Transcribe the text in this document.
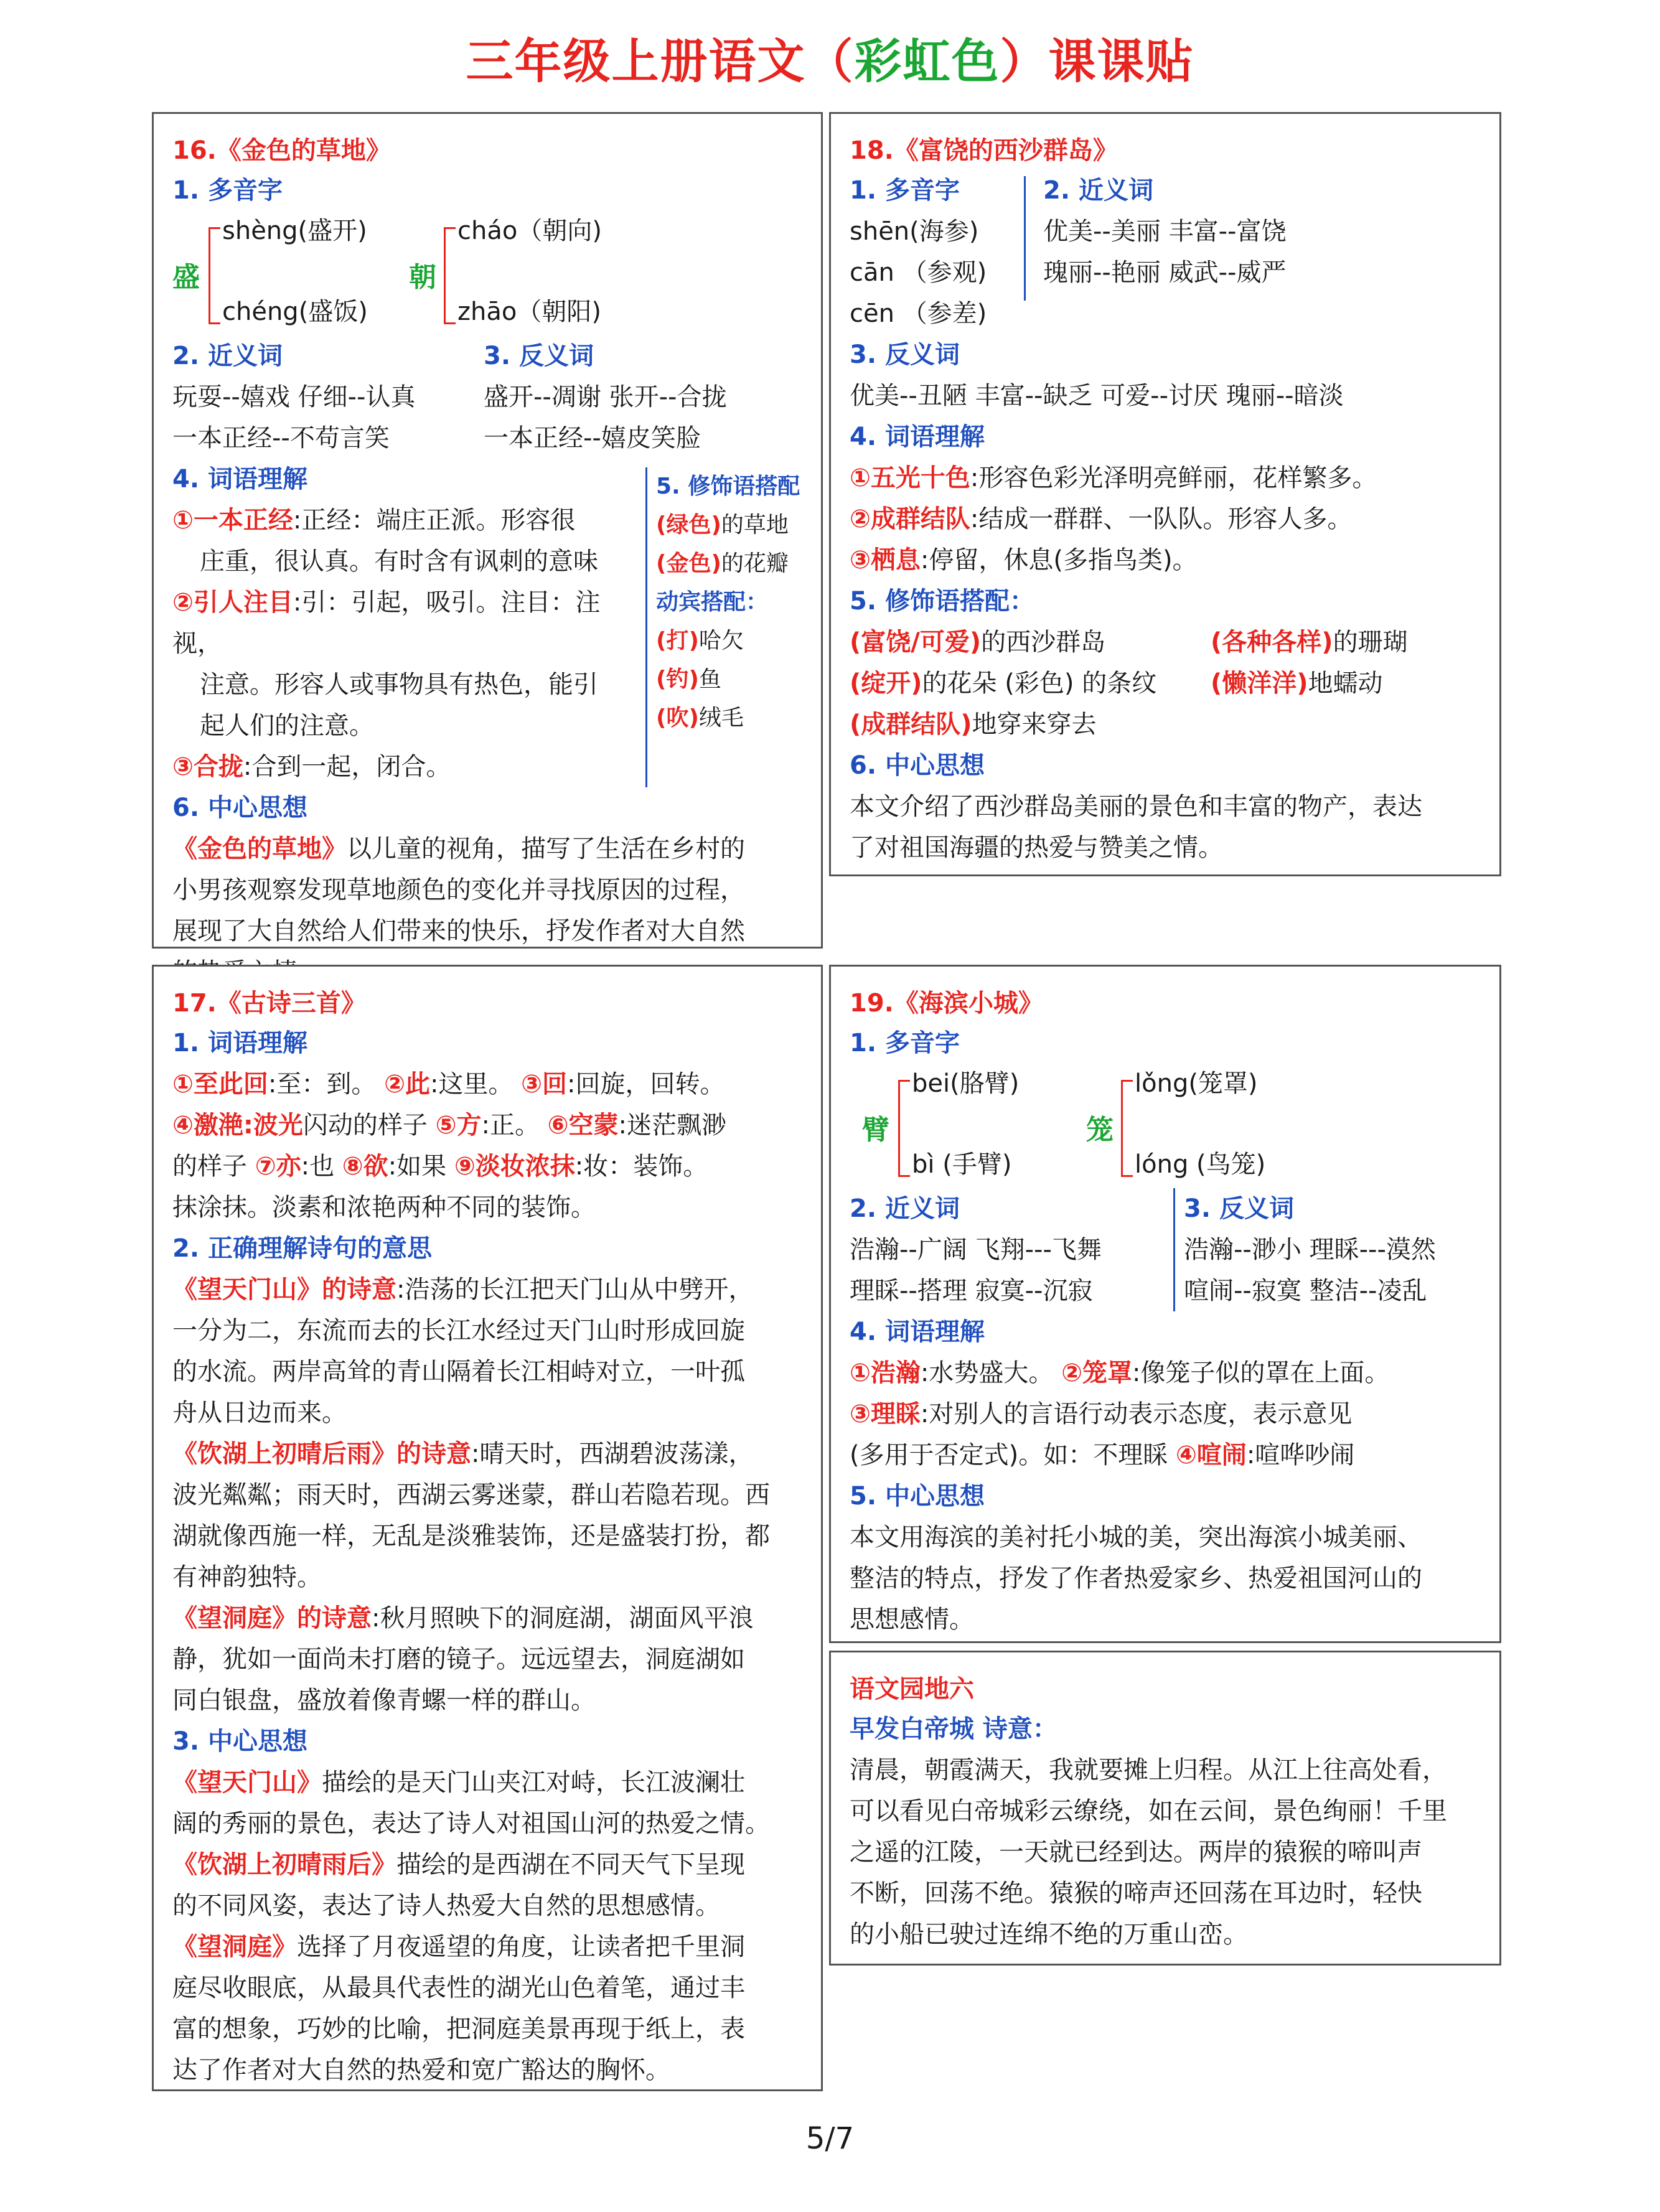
三年级上册语文（彩虹色）课课贴
16.《金色的草地》
1. 多音字
盛
shèng(盛开)
chéng(盛饭)
朝
cháo（朝向)
zhāo（朝阳)
2. 近义词
玩耍--嬉戏 仔细--认真
一本正经--不苟言笑
3. 反义词
盛开--凋谢 张开--合拢
一本正经--嬉皮笑脸
4. 词语理解
①一本正经:正经：端庄正派。形容很
庄重，很认真。有时含有讽刺的意味
②引人注目:引：引起，吸引。注目：注视，
注意。形容人或事物具有热色，能引
起人们的注意。
③合拢:合到一起，闭合。
5. 修饰语搭配
(绿色)的草地
(金色)的花瓣
动宾搭配：
(打)哈欠
(钓)鱼
(吹)绒毛
6. 中心思想
《金色的草地》以儿童的视角，描写了生活在乡村的
小男孩观察发现草地颜色的变化并寻找原因的过程，
展现了大自然给人们带来的快乐，抒发作者对大自然
18.《富饶的西沙群岛》
1. 多音字
shēn(海参)
cān （参观)
cēn （参差)
2. 近义词
优美--美丽 丰富--富饶
瑰丽--艳丽 威武--威严
3. 反义词
优美--丑陋 丰富--缺乏 可爱--讨厌 瑰丽--暗淡
4. 词语理解
①五光十色:形容色彩光泽明亮鲜丽，花样繁多。
②成群结队:结成一群群、一队队。形容人多。
③栖息:停留，休息(多指鸟类)。
5. 修饰语搭配：
(富饶/可爱)的西沙群岛	(各种各样)的珊瑚
(绽开)的花朵 (彩色) 的条纹	(懒洋洋)地蠕动
(成群结队)地穿来穿去
6. 中心思想
本文介绍了西沙群岛美丽的景色和丰富的物产，表达
了对祖国海疆的热爱与赞美之情。
17.《古诗三首》
1. 词语理解
①至此回:至：到。 ②此:这里。 ③回:回旋，回转。
④激滟:波光闪动的样子 ⑤方:正。 ⑥空蒙:迷茫飘渺
的样子 ⑦亦:也 ⑧欲:如果 ⑨淡妆浓抹:妆：装饰。
抹涂抹。淡素和浓艳两种不同的装饰。
2. 正确理解诗句的意思
《望天门山》的诗意:浩荡的长江把天门山从中劈开，
一分为二，东流而去的长江水经过天门山时形成回旋
的水流。两岸高耸的青山隔着长江相峙对立，一叶孤
舟从日边而来。
《饮湖上初晴后雨》的诗意:晴天时，西湖碧波荡漾，
波光粼粼；雨天时，西湖云雾迷蒙，群山若隐若现。西
湖就像西施一样，无乱是淡雅装饰，还是盛装打扮，都
有神韵独特。
《望洞庭》的诗意:秋月照映下的洞庭湖，湖面风平浪
静，犹如一面尚未打磨的镜子。远远望去，洞庭湖如
同白银盘，盛放着像青螺一样的群山。
3. 中心思想
《望天门山》描绘的是天门山夹江对峙，长江波澜壮
阔的秀丽的景色，表达了诗人对祖国山河的热爱之情。
《饮湖上初晴雨后》描绘的是西湖在不同天气下呈现
的不同风姿，表达了诗人热爱大自然的思想感情。
《望洞庭》选择了月夜遥望的角度，让读者把千里洞
庭尽收眼底，从最具代表性的湖光山色着笔，通过丰
富的想象，巧妙的比喻，把洞庭美景再现于纸上，表
达了作者对大自然的热爱和宽广豁达的胸怀。
19.《海滨小城》
1. 多音字
臂
bei(胳臂)
bì (手臂)
笼
lǒng(笼罩)
lóng (鸟笼)
2. 近义词
浩瀚--广阔 飞翔---飞舞
理睬--搭理 寂寞--沉寂
3. 反义词
浩瀚--渺小 理睬---漠然
喧闹--寂寞 整洁--凌乱
4. 词语理解
①浩瀚:水势盛大。 ②笼罩:像笼子似的罩在上面。
③理睬:对别人的言语行动表示态度，表示意见
(多用于否定式)。如：不理睬 ④喧闹:喧哗吵闹
5. 中心思想
本文用海滨的美衬托小城的美，突出海滨小城美丽、
整洁的特点，抒发了作者热爱家乡、热爱祖国河山的
思想感情。
语文园地六
早发白帝城 诗意：
清晨，朝霞满天，我就要摊上归程。从江上往高处看，
可以看见白帝城彩云缭绕，如在云间，景色绚丽！千里
之遥的江陵，一天就已经到达。两岸的猿猴的啼叫声
不断，回荡不绝。猿猴的啼声还回荡在耳边时，轻快
的小船已驶过连绵不绝的万重山峦。
5/7
